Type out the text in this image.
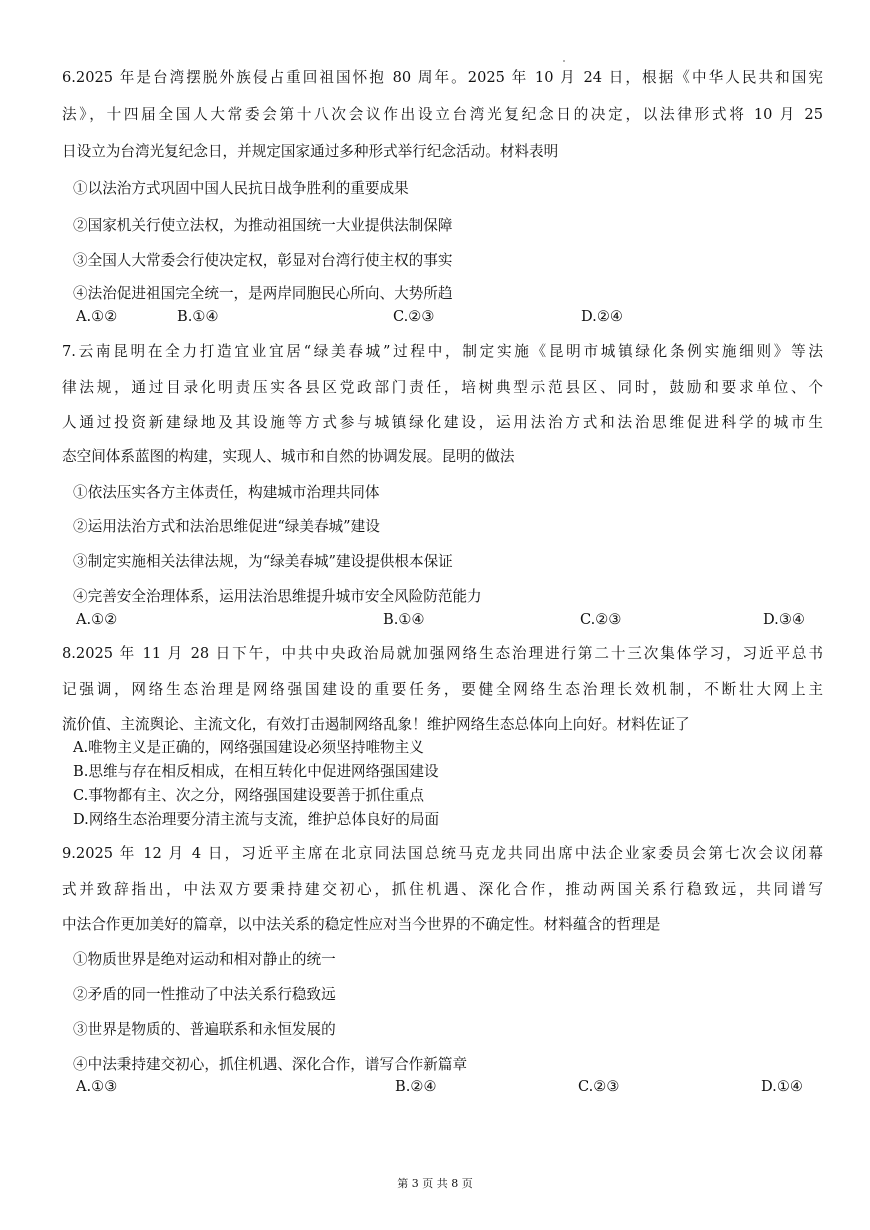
6.2025 年是台湾摆脱外族侵占重回祖国怀抱 80 周年。2025 年 10 月 24 日，根据《中华人民共和国宪
法》，十四届全国人大常委会第十八次会议作出设立台湾光复纪念日的决定，以法律形式将 10 月 25
日设立为台湾光复纪念日，并规定国家通过多种形式举行纪念活动。材料表明
①以法治方式巩固中国人民抗日战争胜利的重要成果
②国家机关行使立法权，为推动祖国统一大业提供法制保障
③全国人大常委会行使决定权，彰显对台湾行使主权的事实
④法治促进祖国完全统一，是两岸同胞民心所向、大势所趋
A.①②	B.①④	C.②③	D.②④
7.云南昆明在全力打造宜业宜居“绿美春城”过程中，制定实施《昆明市城镇绿化条例实施细则》等法
律法规，通过目录化明责压实各县区党政部门责任，培树典型示范县区、同时，鼓励和要求单位、个
人通过投资新建绿地及其设施等方式参与城镇绿化建设，运用法治方式和法治思维促进科学的城市生
态空间体系蓝图的构建，实现人、城市和自然的协调发展。昆明的做法
①依法压实各方主体责任，构建城市治理共同体
②运用法治方式和法治思维促进“绿美春城”建设
③制定实施相关法律法规，为“绿美春城”建设提供根本保证
④完善安全治理体系，运用法治思维提升城市安全风险防范能力
A.①②	B.①④	C.②③	D.③④
8.2025 年 11 月 28 日下午，中共中央政治局就加强网络生态治理进行第二十三次集体学习，习近平总书
记强调，网络生态治理是网络强国建设的重要任务，要健全网络生态治理长效机制，不断壮大网上主
流价值、主流舆论、主流文化，有效打击遏制网络乱象！维护网络生态总体向上向好。材料佐证了
A.唯物主义是正确的，网络强国建设必须坚持唯物主义
B.思维与存在相反相成，在相互转化中促进网络强国建设
C.事物都有主、次之分，网络强国建设要善于抓住重点
D.网络生态治理要分清主流与支流，维护总体良好的局面
9.2025 年 12 月 4 日，习近平主席在北京同法国总统马克龙共同出席中法企业家委员会第七次会议闭幕
式并致辞指出，中法双方要秉持建交初心，抓住机遇、深化合作，推动两国关系行稳致远，共同谱写
中法合作更加美好的篇章，以中法关系的稳定性应对当今世界的不确定性。材料蕴含的哲理是
①物质世界是绝对运动和相对静止的统一
②矛盾的同一性推动了中法关系行稳致远
③世界是物质的、普遍联系和永恒发展的
④中法秉持建交初心，抓住机遇、深化合作，谱写合作新篇章
A.①③	B.②④	C.②③	D.①④
第 3 页 共 8 页
